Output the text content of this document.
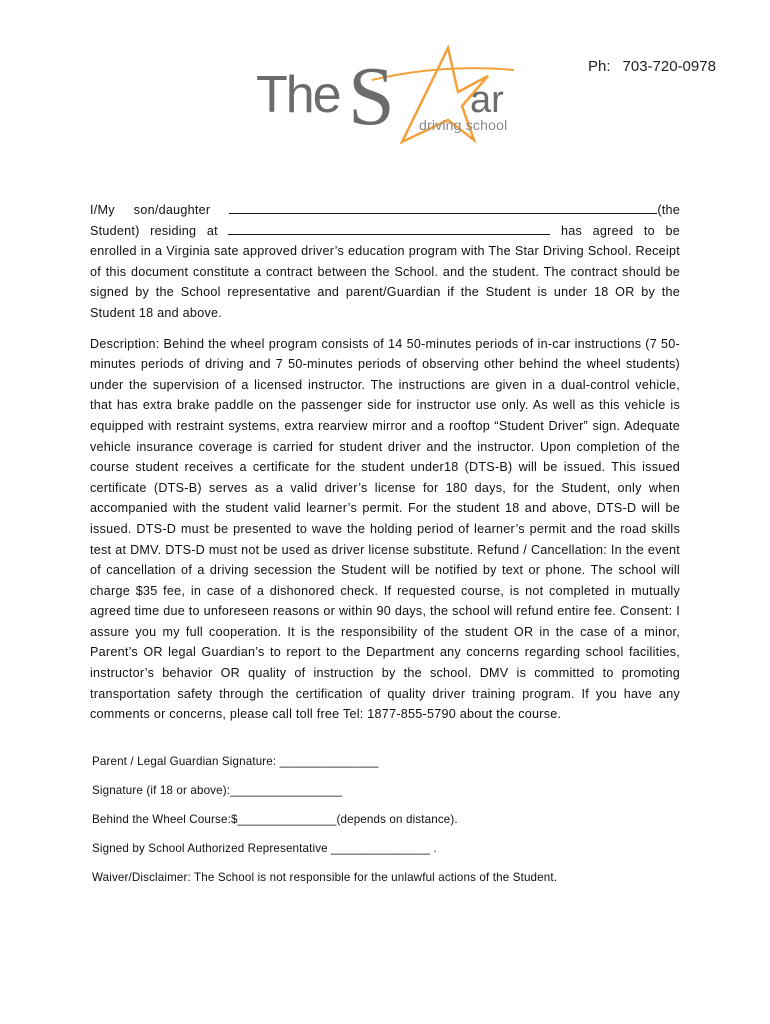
Ph: 703-720-0978
The S ar
driving school

I/My son/daughter	(the Student) residing at	has agreed to be enrolled in a Virginia sate approved driver’s education program with The Star Driving School. Receipt of this document constitute a contract between the School. and the student. The contract should be signed by the School representative and parent/Guardian if the Student is under 18 OR by the Student 18 and above.

Description: Behind the wheel program consists of 14 50-minutes periods of in-car instructions (7 50-minutes periods of driving and 7 50-minutes periods of observing other behind the wheel students) under the supervision of a licensed instructor. The instructions are given in a dual-control vehicle, that has extra brake paddle on the passenger side for instructor use only. As well as this vehicle is equipped with restraint systems, extra rearview mirror and a rooftop “Student Driver” sign. Adequate vehicle insurance coverage is carried for student driver and the instructor. Upon completion of the course student receives a certificate for the student under18 (DTS-B) will be issued. This issued certificate (DTS-B) serves as a valid driver’s license for 180 days, for the Student, only when accompanied with the student valid learner’s permit. For the student 18 and above, DTS-D will be issued. DTS-D must be presented to wave the holding period of learner’s permit and the road skills test at DMV. DTS-D must not be used as driver license substitute. Refund / Cancellation: In the event of cancellation of a driving secession the Student will be notified by text or phone. The school will charge $35 fee, in case of a dishonored check. If requested course, is not completed in mutually agreed time due to unforeseen reasons or within 90 days, the school will refund entire fee. Consent: I assure you my full cooperation. It is the responsibility of the student OR in the case of a minor, Parent’s OR legal Guardian’s to report to the Department any concerns regarding school facilities, instructor’s behavior OR quality of instruction by the school. DMV is committed to promoting transportation safety through the certification of quality driver training program. If you have any comments or concerns, please call toll free Tel: 1877-855-5790 about the course.

Parent / Legal Guardian Signature: _______________
Signature (if 18 or above):_________________
Behind the Wheel Course:$_______________(depends on distance).
Signed by School Authorized Representative _______________ .
Waiver/Disclaimer: The School is not responsible for the unlawful actions of the Student.
